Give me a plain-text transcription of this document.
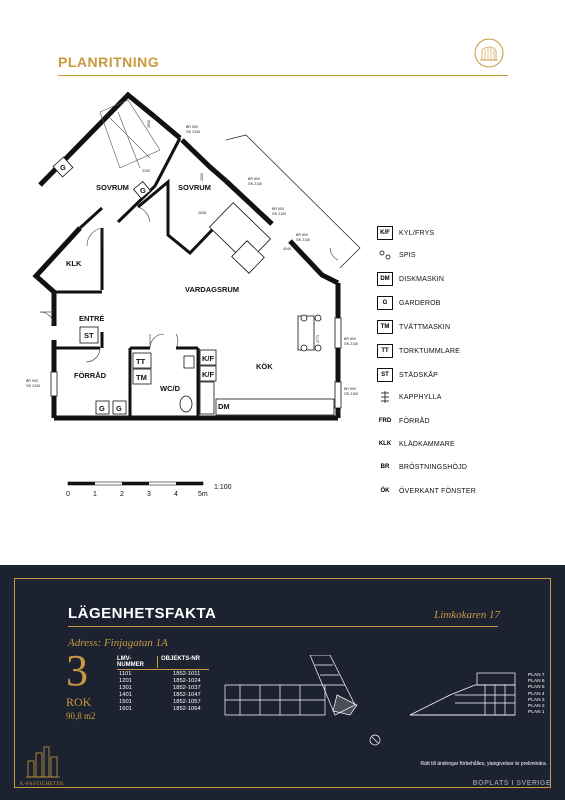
PLANRITNING
SOVRUM	SOVRUM
KLK
VARDAGSRUM
ENTRÉ
FÖRRÅD
WC/D
KÖK
G
G
ST
G G
TT
TM
K/F
K/F
DM
3000
3100
2800
2008
4773
4040
BR 500
ÖK 2100
BR 500
ÖK 2100
BR 500
ÖK 2100
BR 500
ÖK 2100
BR 500
ÖK 2100
BR 500
ÖK 2100
BR 900
ÖK 2100
K/F	KYL/FRYS
SPIS
DM	DISKMASKIN
G	GARDEROB
TM	TVÄTTMASKIN
TT	TORKTUMMLARE
ST	STÄDSKÅP
KAPPHYLLA
FRD FÖRRÅD
KLK KLÄDKAMMARE
BR	BRÖSTNINGSHÖJD
ÖK	ÖVERKANT FÖNSTER
0	1	2	3	4	5m
1:100
LÄGENHETSFAKTA	Limkokaren 17
Adress: Finjagatan 1A
3
ROK
90,8 m2
LMV-NUMMER
OBJEKTS-NR
1101	1852-1011
1201	1852-1024
1301	1852-1037
1401	1852-1047
1501	1852-1057
1601	1852-1064
PLAN 7
PLAN 6
PLAN 5
PLAN 4
PLAN 3
PLAN 2
PLAN 1
K-FASTIGHETER
Rätt till ändringar förbehålles, ytangivelser är preliminära.
BOPLATS I SVERIGE
